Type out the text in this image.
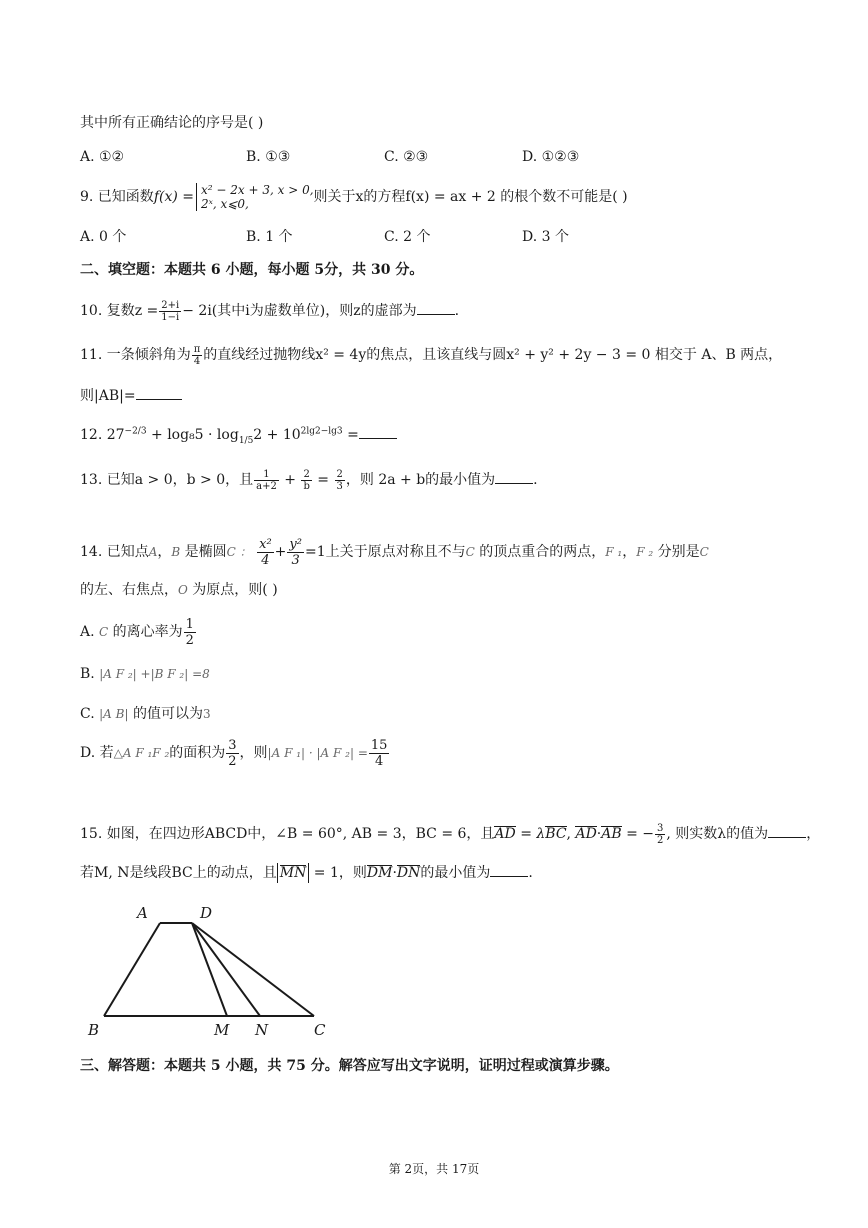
其中所有正确结论的序号是( )
A. ①②	B. ①③	C. ②③	D. ①②③
9. 已知函数f(x) = x² − 2x + 3, x > 0,
2ˣ, x⩽0,	则关于x的方程f(x) = ax + 2 的根个数不可能是( )
A. 0 个	B. 1 个	C. 2 个	D. 3 个
二、填空题：本题共 6 小题，每小题 5分，共 30 分。
10. 复数$z = \frac{2+i}{1-i} - 2i$(其中i为虚数单位)，则z的虚部为	.
11. 一条倾斜角为 $\frac{\pi}{4}$ 的直线经过抛物线x² = 4y的焦点，且该直线与圆x² + y² + 2y − 3 = 0 相交于 A、B 两点，
则|AB|=
12. $27^{-2/3} + \log_85 \cdot \log_{1/5}2 + 10^{2lg2-lg3}$ =
13. 已知a > 0，b > 0，且 $\frac{1}{a+2} + \frac{2}{b} = \frac{2}{3}$ ，则 2a + b的最小值为	.
14. 已知点A，B 是椭圆C ： $\frac{\text{x²}}{4} + \frac{\text{y²}}{3} =1$上关于原点对称且不与C 的顶点重合的两点，F ₁，F ₂ 分别是C
的左、右焦点，O 为原点，则( )
A. C 的离心率为 $\frac{1}{2}$
B. |A F ₂| +|B F ₂| =8
C. |A B| 的值可以为3
D. 若△A F ₁F ₂的面积为 $\frac{3}{2}$ ，则|A F ₁| · |A F $_2| = \frac{15}{4}$
15. 如图，在四边形ABCD中，∠B = 60°, AB = 3，BC = 6，且AD = λBC, AD·AB = − $\frac{3}{2}$ , 则实数λ的值为	，
若M, N是线段BC上的动点，且 MN = 1，则DM·DN的最小值为	.
A	D
B	M N	C
三、解答题：本题共 5 小题，共 75 分。解答应写出文字说明，证明过程或演算步骤。
第 2页，共 17页
